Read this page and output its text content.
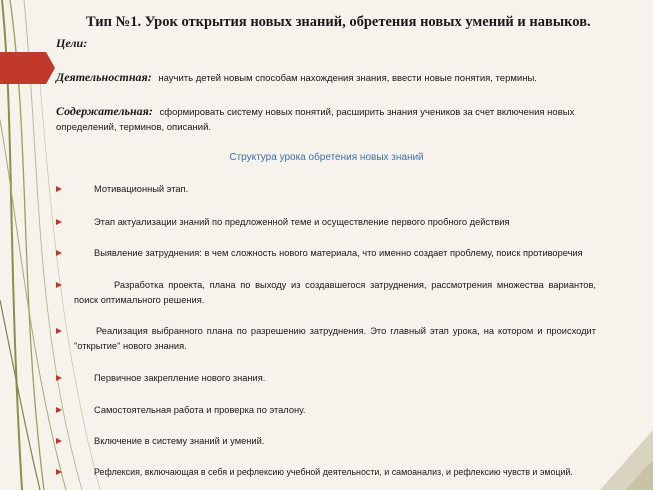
Тип №1. Урок открытия новых знаний, обретения новых умений и навыков.
Цели:
Деятельностная: научить детей новым способам нахождения знания, ввести новые понятия, термины.
Содержательная: сформировать систему новых понятий, расширить знания учеников за счет включения новых определений, терминов, описаний.
Структура урока обретения новых знаний
Мотивационный этап.
Этап актуализации знаний по предложенной теме и осуществление первого пробного действия
Выявление затруднения: в чем сложность нового материала, что именно создает проблему, поиск противоречия
Разработка проекта, плана по выходу из создавшегося затруднения, рассмотрения множества вариантов, поиск оптимального решения.
Реализация выбранного плана по разрешению затруднения. Это главный этап урока, на котором и происходит "открытие" нового знания.
Первичное закрепление нового знания.
Самостоятельная работа и проверка по эталону.
Включение в систему знаний и умений.
Рефлексия, включающая в себя и рефлексию учебной деятельности, и самоанализ, и рефлексию чувств и эмоций.
